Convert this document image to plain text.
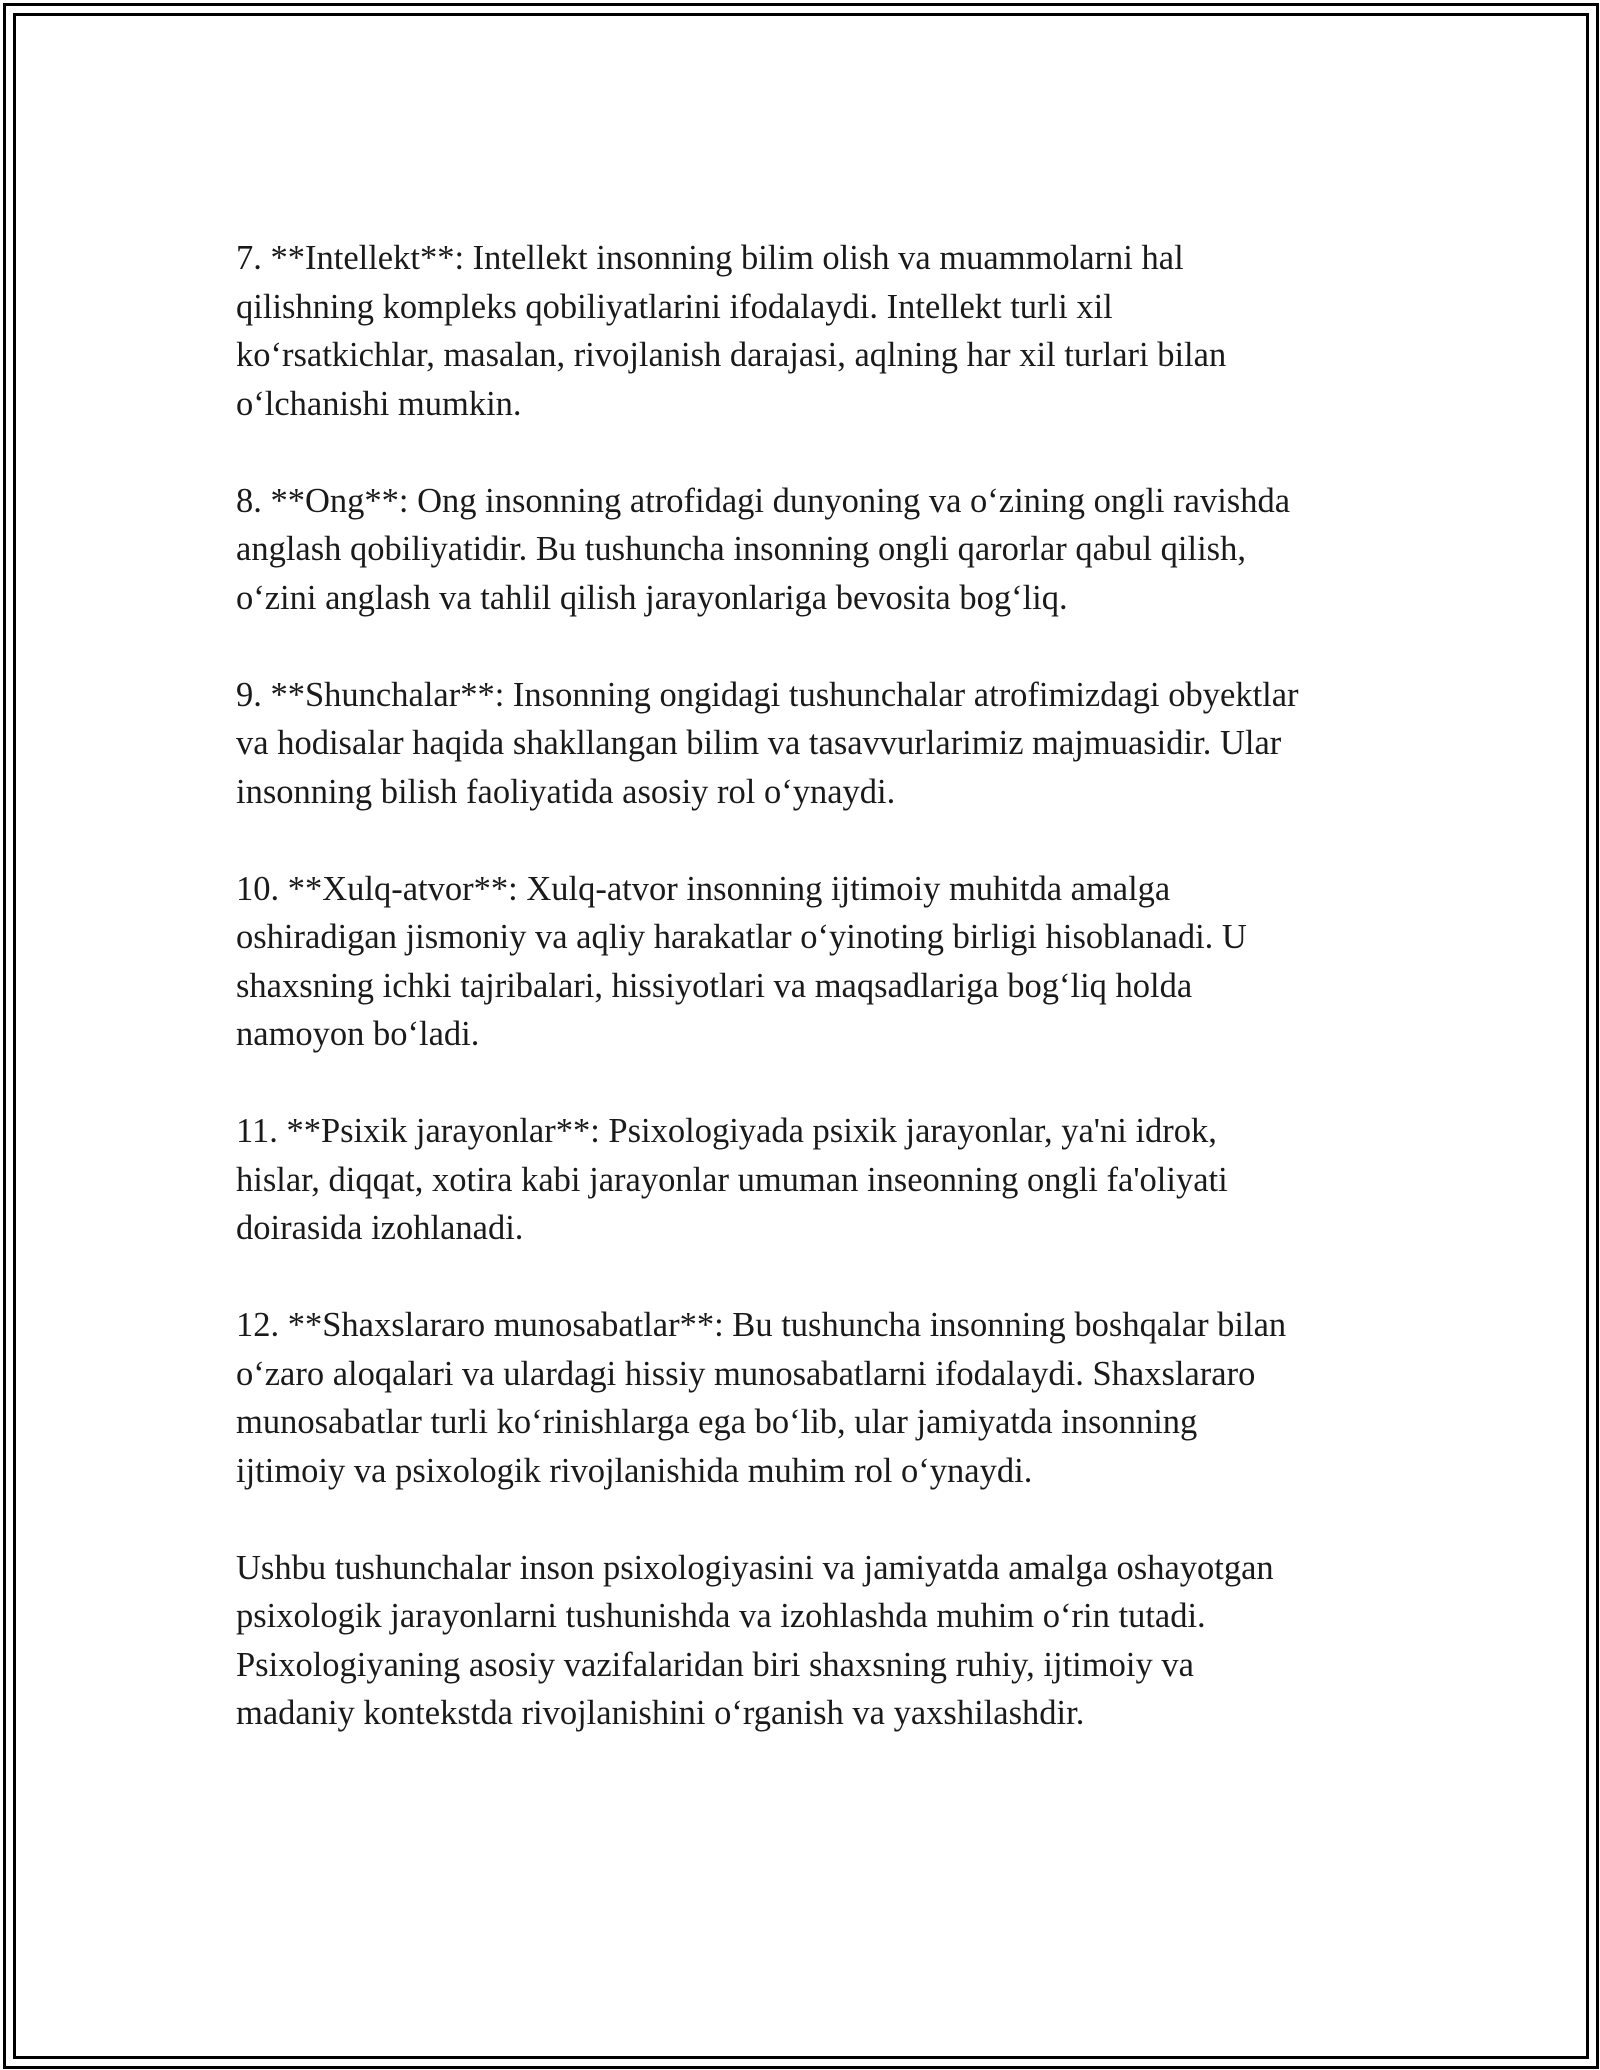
7. **Intellekt**: Intellekt insonning bilim olish va muammolarni hal
qilishning kompleks qobiliyatlarini ifodalaydi. Intellekt turli xil
ko‘rsatkichlar, masalan, rivojlanish darajasi, aqlning har xil turlari bilan
o‘lchanishi mumkin.

8. **Ong**: Ong insonning atrofidagi dunyoning va o‘zining ongli ravishda
anglash qobiliyatidir. Bu tushuncha insonning ongli qarorlar qabul qilish,
o‘zini anglash va tahlil qilish jarayonlariga bevosita bog‘liq.

9. **Shunchalar**: Insonning ongidagi tushunchalar atrofimizdagi obyektlar
va hodisalar haqida shakllangan bilim va tasavvurlarimiz majmuasidir. Ular
insonning bilish faoliyatida asosiy rol o‘ynaydi.

10. **Xulq-atvor**: Xulq-atvor insonning ijtimoiy muhitda amalga
oshiradigan jismoniy va aqliy harakatlar o‘yinoting birligi hisoblanadi. U
shaxsning ichki tajribalari, hissiyotlari va maqsadlariga bog‘liq holda
namoyon bo‘ladi.

11. **Psixik jarayonlar**: Psixologiyada psixik jarayonlar, ya'ni idrok,
hislar, diqqat, xotira kabi jarayonlar umuman inseonning ongli fa'oliyati
doirasida izohlanadi.

12. **Shaxslararo munosabatlar**: Bu tushuncha insonning boshqalar bilan
o‘zaro aloqalari va ulardagi hissiy munosabatlarni ifodalaydi. Shaxslararo
munosabatlar turli ko‘rinishlarga ega bo‘lib, ular jamiyatda insonning
ijtimoiy va psixologik rivojlanishida muhim rol o‘ynaydi.

Ushbu tushunchalar inson psixologiyasini va jamiyatda amalga oshayotgan
psixologik jarayonlarni tushunishda va izohlashda muhim o‘rin tutadi.
Psixologiyaning asosiy vazifalaridan biri shaxsning ruhiy, ijtimoiy va
madaniy kontekstda rivojlanishini o‘rganish va yaxshilashdir.
